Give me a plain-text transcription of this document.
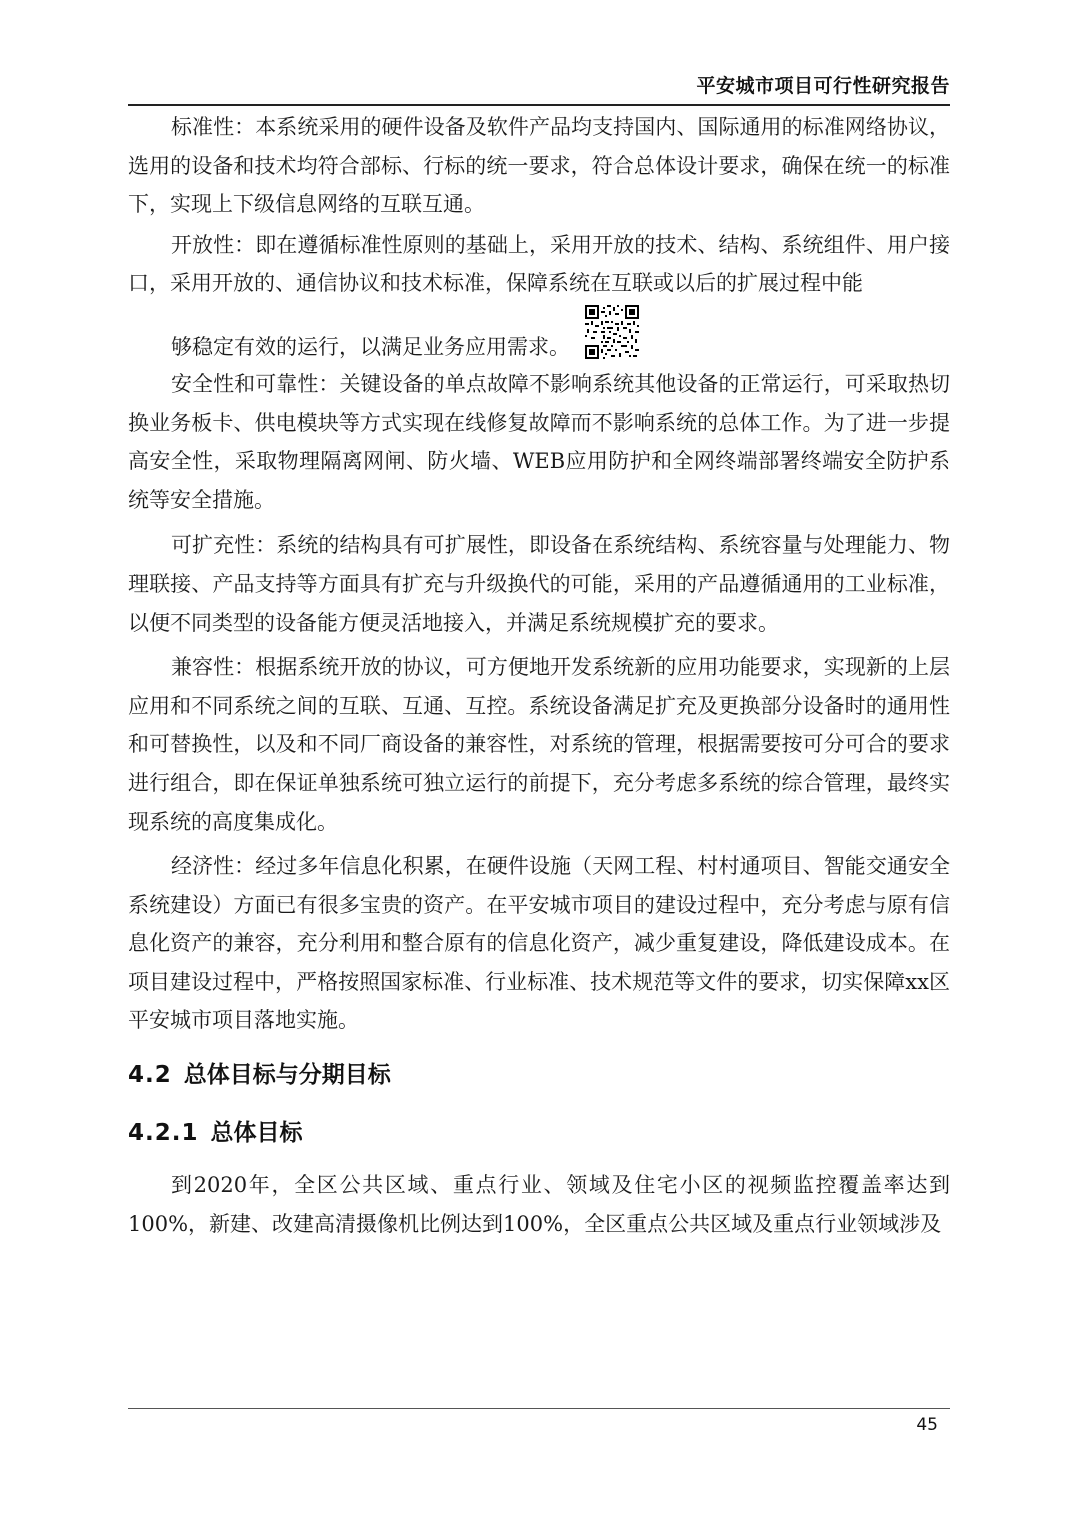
平安城市项目可行性研究报告

标准性：本系统采用的硬件设备及软件产品均支持国内、国际通用的标准网络协议，选用的设备和技术均符合部标、行标的统一要求，符合总体设计要求，确保在统一的标准下，实现上下级信息网络的互联互通。

开放性：即在遵循标准性原则的基础上，采用开放的技术、结构、系统组件、用户接口，采用开放的、通信协议和技术标准，保障系统在互联或以后的扩展过程中能
够稳定有效的运行，以满足业务应用需求。

安全性和可靠性：关键设备的单点故障不影响系统其他设备的正常运行，可采取热切换业务板卡、供电模块等方式实现在线修复故障而不影响系统的总体工作。为了进一步提高安全性，采取物理隔离网闸、防火墙、WEB应用防护和全网终端部署终端安全防护系统等安全措施。

可扩充性：系统的结构具有可扩展性，即设备在系统结构、系统容量与处理能力、物理联接、产品支持等方面具有扩充与升级换代的可能，采用的产品遵循通用的工业标准，以便不同类型的设备能方便灵活地接入，并满足系统规模扩充的要求。

兼容性：根据系统开放的协议，可方便地开发系统新的应用功能要求，实现新的上层应用和不同系统之间的互联、互通、互控。系统设备满足扩充及更换部分设备时的通用性和可替换性，以及和不同厂商设备的兼容性，对系统的管理，根据需要按可分可合的要求进行组合，即在保证单独系统可独立运行的前提下，充分考虑多系统的综合管理，最终实现系统的高度集成化。

经济性：经过多年信息化积累，在硬件设施（天网工程、村村通项目、智能交通安全系统建设）方面已有很多宝贵的资产。在平安城市项目的建设过程中，充分考虑与原有信息化资产的兼容，充分利用和整合原有的信息化资产，减少重复建设，降低建设成本。在项目建设过程中，严格按照国家标准、行业标准、技术规范等文件的要求，切实保障xx区平安城市项目落地实施。

4.2 总体目标与分期目标
4.2.1 总体目标

到2020年，全区公共区域、重点行业、领域及住宅小区的视频监控覆盖率达到100%，新建、改建高清摄像机比例达到100%，全区重点公共区域及重点行业领域涉及

45
